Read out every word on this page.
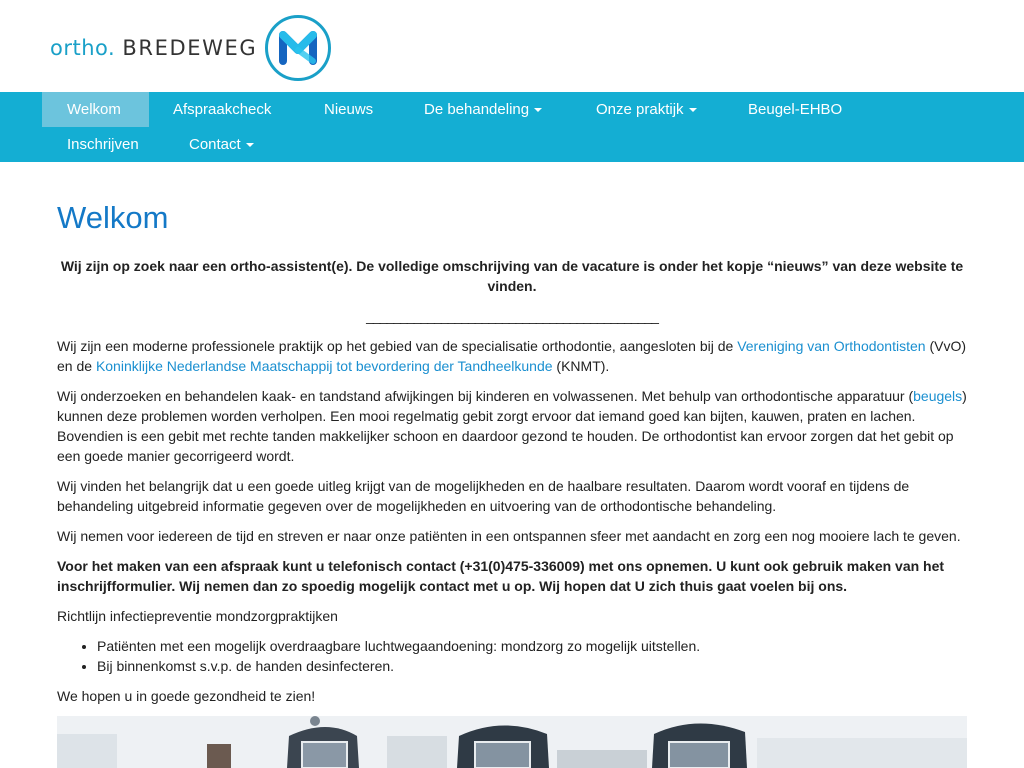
ortho. BREDEWEG
Welkom	Afspraakcheck	Nieuws	De behandeling	Onze praktijk	Beugel-EHBO
Inschrijven	Contact
Welkom
Wij zijn op zoek naar een ortho-assistent(e). De volledige omschrijving van de vacature is onder het kopje “nieuws” van deze website te vinden.
___________________________________________

Wij zijn een moderne professionele praktijk op het gebied van de specialisatie orthodontie, aangesloten bij de Vereniging van Orthodontisten (VvO) en de Koninklijke Nederlandse Maatschappij tot bevordering der Tandheelkunde (KNMT).

Wij onderzoeken en behandelen kaak- en tandstand afwijkingen bij kinderen en volwassenen. Met behulp van orthodontische apparatuur (beugels) kunnen deze problemen worden verholpen. Een mooi regelmatig gebit zorgt ervoor dat iemand goed kan bijten, kauwen, praten en lachen. Bovendien is een gebit met rechte tanden makkelijker schoon en daardoor gezond te houden. De orthodontist kan ervoor zorgen dat het gebit op een goede manier gecorrigeerd wordt.

Wij vinden het belangrijk dat u een goede uitleg krijgt van de mogelijkheden en de haalbare resultaten. Daarom wordt vooraf en tijdens de behandeling uitgebreid informatie gegeven over de mogelijkheden en uitvoering van de orthodontische behandeling.

Wij nemen voor iedereen de tijd en streven er naar onze patiënten in een ontspannen sfeer met aandacht en zorg een nog mooiere lach te geven.

Voor het maken van een afspraak kunt u telefonisch contact (+31(0)475-336009) met ons opnemen. U kunt ook gebruik maken van het inschrijfformulier. Wij nemen dan zo spoedig mogelijk contact met u op. Wij hopen dat U zich thuis gaat voelen bij ons.

Richtlijn infectiepreventie mondzorgpraktijken

• Patiënten met een mogelijk overdraagbare luchtwegaandoening: mondzorg zo mogelijk uitstellen.
• Bij binnenkomst s.v.p. de handen desinfecteren.

We hopen u in goede gezondheid te zien!
